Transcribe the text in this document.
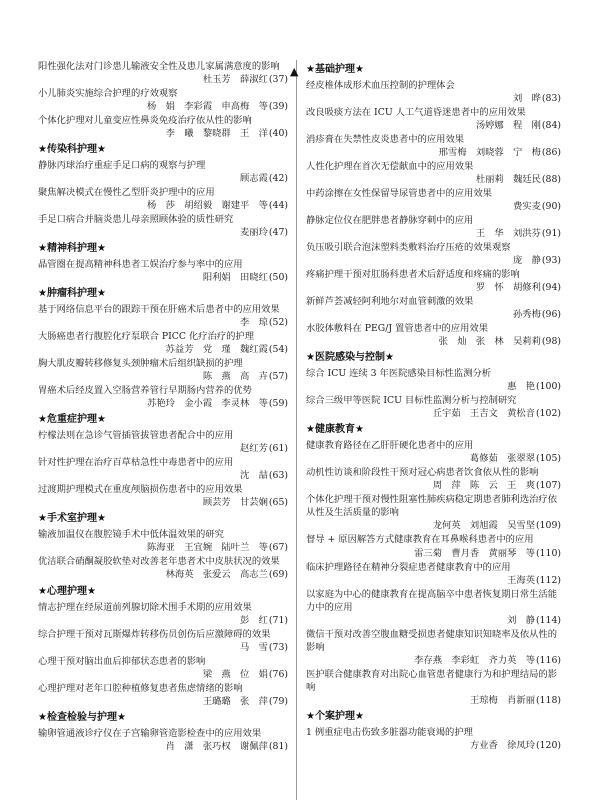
▲
阳性强化法对门诊患儿输液安全性及患儿家属满意度的影响
杜玉芳　薛淑红 (37)
小儿肺炎实施综合护理的疗效观察
杨　娟　李彩霞　申高梅　等 (39)
个体化护理对儿童变应性鼻炎免疫治疗依从性的影响
李　曦　黎晓群　王　洋 (40)
★传染科护理★
静脉丙球治疗重症手足口病的观察与护理
顾志霞 (42)
聚焦解决模式在慢性乙型肝炎护理中的应用
杨　莎　胡绍毅　谢建平　等 (44)
手足口病合并脑炎患儿母亲照顾体验的质性研究
麦丽玲 (47)
★精神科护理★
晶管圈在提高精神科患者工娱治疗参与率中的应用
阳利娟　田晓红 (50)
★肿瘤科护理★
基于网络信息平台的跟踪干预在肝癌术后患者中的应用效果
李　琼 (52)
大肠癌患者行腹腔化疗泵联合 PICC 化疗治疗的护理
苏益芳　党　瑾　魏红霞 (54)
胸大肌皮瓣转移修复头颈肿瘤术后组织缺损的护理
陈　燕　高　卉 (57)
胃癌术后经皮置入空肠营养管行早期肠内营养的优势
苏艳玲　金小霞　李灵林　等 (59)
★危重症护理★
柠檬法则在急诊气管插管拔管患者配合中的应用
赵红芳 (61)
针对性护理在治疗百草枯急性中毒患者中的应用
沈　喆 (63)
过渡期护理模式在重度颅脑损伤患者中的应用效果
顾芸芳　甘芸娴 (65)
★手术室护理★
输液加温仪在腹腔镜手术中低体温效果的研究
陈海亚　王宜婉　陆叶兰　等 (67)
优洁联合硝酮凝胶软垫对改善老年患者术中皮肤状况的效果
林海英　张爱云　高志兰 (69)
★心理护理★
情志护理在经尿道前列腺切除术围手术期的应用效果
彭　红 (71)
综合护理干预对瓦斯爆炸转移伤员创伤后应激障碍的效果
马　雪 (73)
心理干预对脑出血后抑郁状态患者的影响
梁　燕　位　娟 (76)
心理护理对老年口腔种植修复患者焦虑情绪的影响
王璐璐　张　萍 (79)
★检查检验与护理★
输卵管通液诊疗仪在子宫输卵管造影检查中的应用效果
肖　潇　张巧权　谢佩萍 (81)
★基础护理★
经皮椎体成形术血压控制的护理体会
刘　晔 (83)
改良吸痰方法在 ICU 人工气道昏迷患者中的应用效果
汤婷娜　程　刚 (84)
消疹膏在失禁性皮炎患者中的应用效果
邢雪梅　刘晓蓉　宁　梅 (86)
人性化护理在首次无偿献血中的应用效果
杜丽莉　魏廷民 (88)
中药涂擦在女性保留导尿管患者中的应用效果
费实麦 (90)
静脉定位仪在肥胖患者静脉穿刺中的应用
王　华　刘洪芬 (91)
负压吸引联合泡沫塑料类敷料治疗压疮的效果观察
庞　静 (93)
疼痛护理干预对肛肠科患者术后舒适度和疼痛的影响
罗　怀　胡修利 (94)
新鲜芦荟减轻阿利地尔对血管刺激的效果
孙秀梅 (96)
水胶体敷料在 PEG/J 置管患者中的应用效果
张　灿　张　林　吴莉莉 (98)
★医院感染与控制★
综合 ICU 连续 3 年医院感染目标性监测分析
惠　艳 (100)
综合三级甲等医院 ICU 目标性监测分析与控制研究
丘宇茹　王吉文　黄松音 (102)
★健康教育★
健康教育路径在乙肝肝硬化患者中的应用
葛修茹　张翠翠 (105)
动机性访谈和阶段性干预对冠心病患者饮食依从性的影响
周　萍　陈　云　王　爽 (107)
个体化护理干预对慢性阻塞性肺疾病稳定期患者肺利选治疗依从性及生活质量的影响
龙何英　刘旭霞　吴雪坚 (109)
督导 + 原因解答方式健康教育在耳鼻喉科患者中的应用
雷三菊　曹月香　黄丽琴　等 (110)
临床护理路径在精神分裂症患者健康教育中的应用
王海英 (112)
以家庭为中心的健康教育在提高脑卒中患者恢复期日常生活能力中的应用
刘　静 (114)
微信干预对改善空腹血糖受损患者健康知识知晓率及依从性的影响
李存燕　李彩虹　齐力英　等 (116)
医护联合健康教育对出院心血管患者健康行为和护理结局的影响
王琼梅　肖新丽 (118)
★个案护理★
1 例重症电击伤致多脏器功能衰竭的护理
方业香　徐凤玲 (120)
